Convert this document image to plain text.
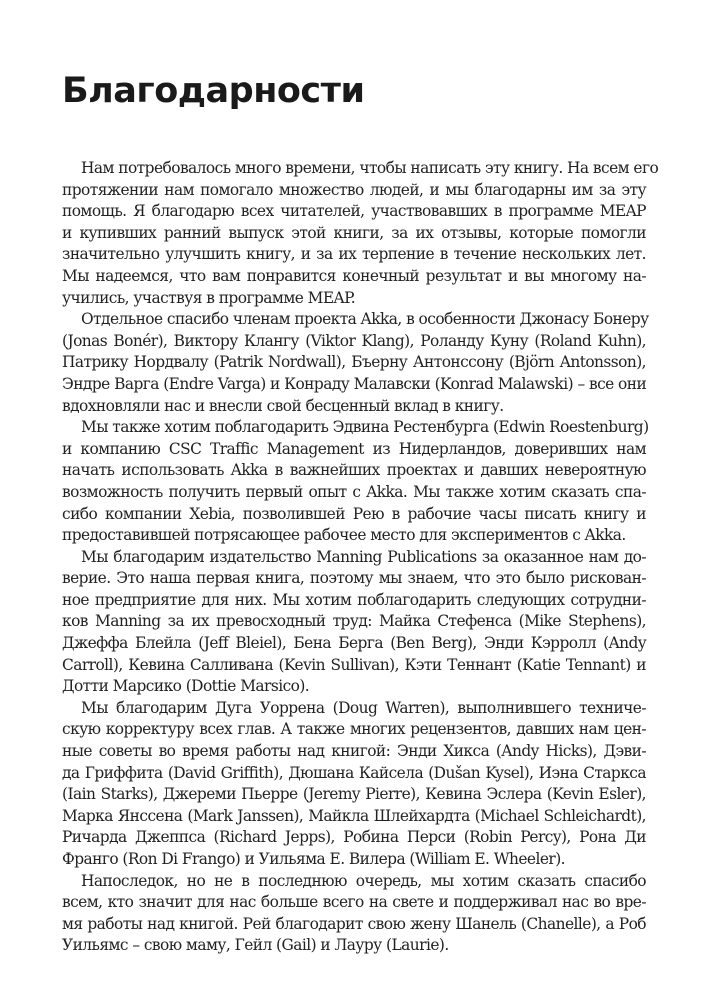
Благодарности
Нам потребовалось много времени, чтобы написать эту книгу. На всем его
протяжении нам помогало множество людей, и мы благодарны им за эту
помощь. Я благодарю всех читателей, участвовавших в программе MEAP
и купивших ранний выпуск этой книги, за их отзывы, которые помогли
значительно улучшить книгу, и за их терпение в течение нескольких лет.
Мы надеемся, что вам понравится конечный результат и вы многому на-
учились, участвуя в программе MEAP.
Отдельное спасибо членам проекта Akka, в особенности Джонасу Бонеру
(Jonas Bonér), Виктору Клангу (Viktor Klang), Роланду Куну (Roland Kuhn),
Патрику Нордвалу (Patrik Nordwall), Бъерну Антонссону (Björn Antonsson),
Эндре Варга (Endre Varga) и Конраду Малавски (Konrad Malawski) – все они
вдохновляли нас и внесли свой бесценный вклад в книгу.
Мы также хотим поблагодарить Эдвина Рестенбурга (Edwin Roestenburg)
и компанию CSC Traffic Management из Нидерландов, доверивших нам
начать использовать Akka в важнейших проектах и давших невероятную
возможность получить первый опыт с Akka. Мы также хотим сказать спа-
сибо компании Xebia, позволившей Рею в рабочие часы писать книгу и
предоставившей потрясающее рабочее место для экспериментов с Akka.
Мы благодарим издательство Manning Publications за оказанное нам до-
верие. Это наша первая книга, поэтому мы знаем, что это было рискован-
ное предприятие для них. Мы хотим поблагодарить следующих сотрудни-
ков Manning за их превосходный труд: Майка Стефенса (Mike Stephens),
Джеффа Блейла (Jeff Bleiel), Бена Берга (Ben Berg), Энди Кэрролл (Andy
Carroll), Кевина Салливана (Kevin Sullivan), Кэти Теннант (Katie Tennant) и
Дотти Марсико (Dottie Marsico).
Мы благодарим Дуга Уоррена (Doug Warren), выполнившего техниче-
скую корректуру всех глав. А также многих рецензентов, давших нам цен-
ные советы во время работы над книгой: Энди Хикса (Andy Hicks), Дэви-
да Гриффита (David Griffith), Дюшана Кайсела (Dušan Kysel), Иэна Старкса
(Iain Starks), Джереми Пьерре (Jeremy Pierre), Кевина Эслера (Kevin Esler),
Марка Янссена (Mark Janssen), Майкла Шлейхардта (Michael Schleichardt),
Ричарда Джеппса (Richard Jepps), Робина Перси (Robin Percy), Рона Ди
Франго (Ron Di Frango) и Уильяма Е. Вилера (William E. Wheeler).
Напоследок, но не в последнюю очередь, мы хотим сказать спасибо
всем, кто значит для нас больше всего на свете и поддерживал нас во вре-
мя работы над книгой. Рей благодарит свою жену Шанель (Chanelle), а Роб
Уильямс – свою маму, Гейл (Gail) и Лауру (Laurie).
